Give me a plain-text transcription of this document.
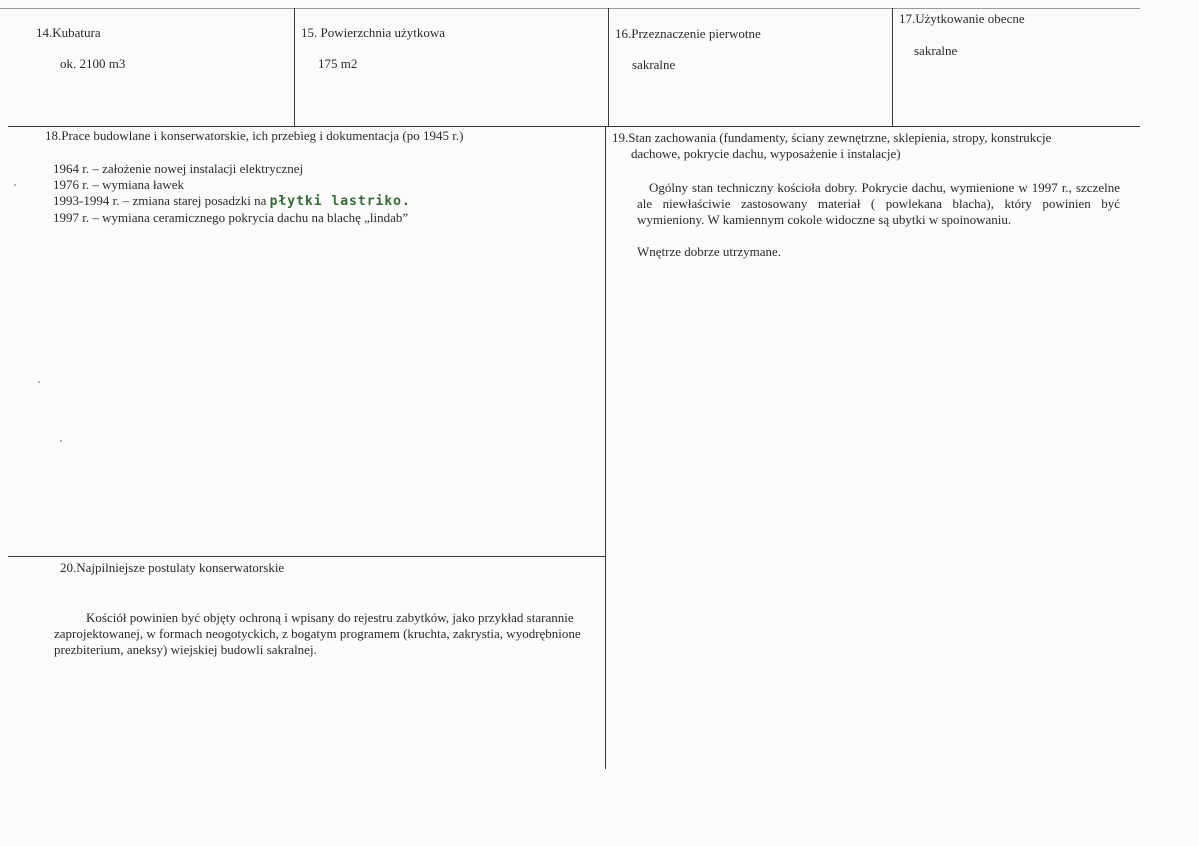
14.Kubatura
ok. 2100 m3
15. Powierzchnia użytkowa
175 m2
16.Przeznaczenie pierwotne
sakralne
17.Użytkowanie obecne
sakralne
18.Prace budowlane i konserwatorskie, ich przebieg i dokumentacja (po 1945 r.)
1964 r. – założenie nowej instalacji elektrycznej
1976 r. – wymiana ławek
1993-1994 r. – zmiana starej posadzki na płytki lastriko.
1997 r. – wymiana ceramicznego pokrycia dachu na blachę „lindab”
19.Stan zachowania (fundamenty, ściany zewnętrzne, sklepienia, stropy, konstrukcje
dachowe, pokrycie dachu, wyposażenie i instalacje)
Ogólny stan techniczny kościoła dobry. Pokrycie dachu, wymienione w 1997 r., szczelne ale niewłaściwie zastosowany materiał ( powlekana blacha), który powinien być wymieniony. W kamiennym cokole widoczne są ubytki w spoinowaniu.
Wnętrze dobrze utrzymane.
20.Najpilniejsze postulaty konserwatorskie
Kościół powinien być objęty ochroną i wpisany do rejestru zabytków, jako przykład starannie zaprojektowanej, w formach neogotyckich, z bogatym programem (kruchta, zakrystia, wyodrębnione prezbiterium, aneksy) wiejskiej budowli sakralnej.
